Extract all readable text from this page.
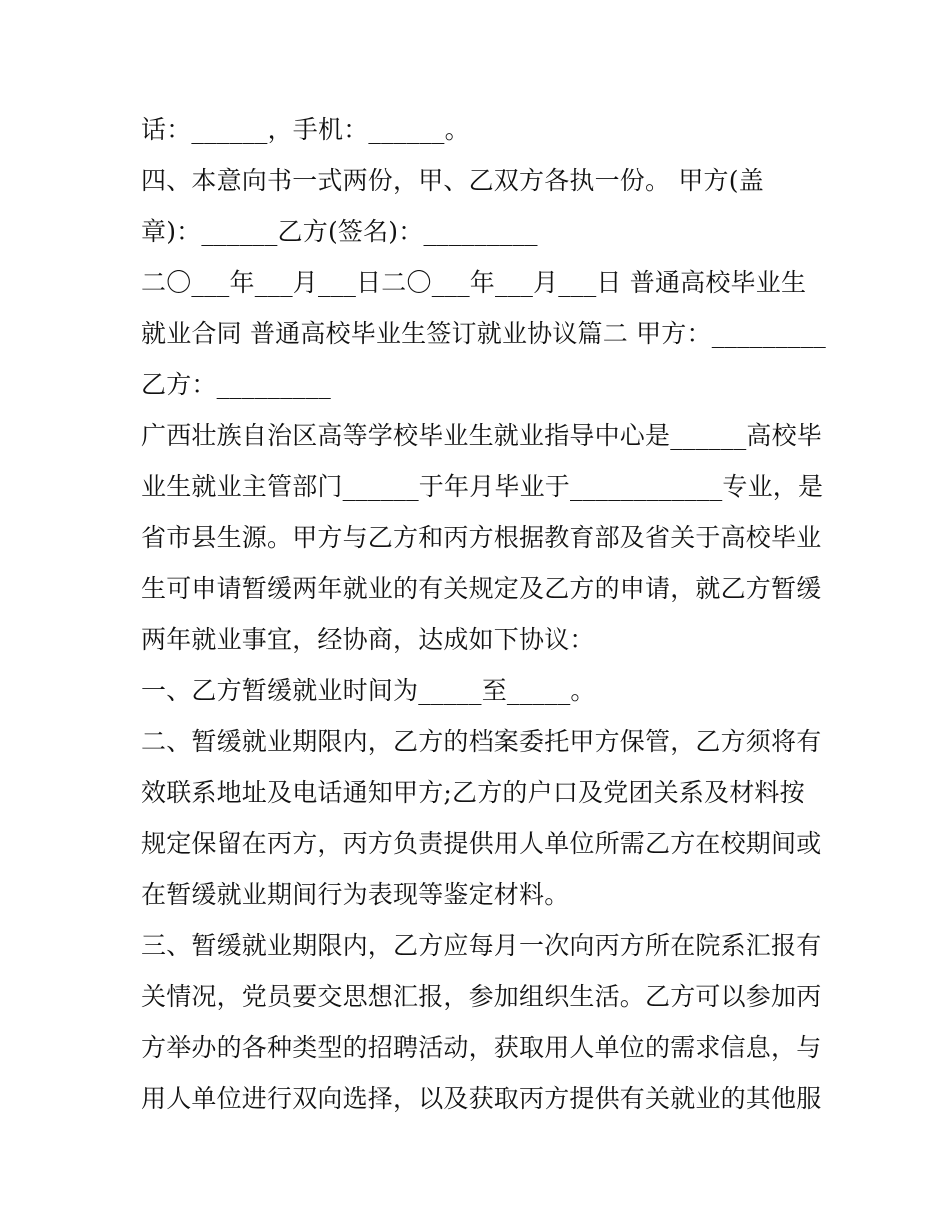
话：______，手机：______。
四、本意向书一式两份，甲、乙双方各执一份。 甲方(盖
章)：______乙方(签名)：_________
二〇___年___月___日二〇___年___月___日 普通高校毕业生
就业合同 普通高校毕业生签订就业协议篇二 甲方：_________
乙方：_________
广西壮族自治区高等学校毕业生就业指导中心是______高校毕
业生就业主管部门______于年月毕业于____________专业，是
省市县生源。甲方与乙方和丙方根据教育部及省关于高校毕业
生可申请暂缓两年就业的有关规定及乙方的申请，就乙方暂缓
两年就业事宜，经协商，达成如下协议：
一、乙方暂缓就业时间为_____至_____。
二、暂缓就业期限内，乙方的档案委托甲方保管，乙方须将有
效联系地址及电话通知甲方;乙方的户口及党团关系及材料按
规定保留在丙方，丙方负责提供用人单位所需乙方在校期间或
在暂缓就业期间行为表现等鉴定材料。
三、暂缓就业期限内，乙方应每月一次向丙方所在院系汇报有
关情况，党员要交思想汇报，参加组织生活。乙方可以参加丙
方举办的各种类型的招聘活动，获取用人单位的需求信息，与
用人单位进行双向选择，以及获取丙方提供有关就业的其他服
